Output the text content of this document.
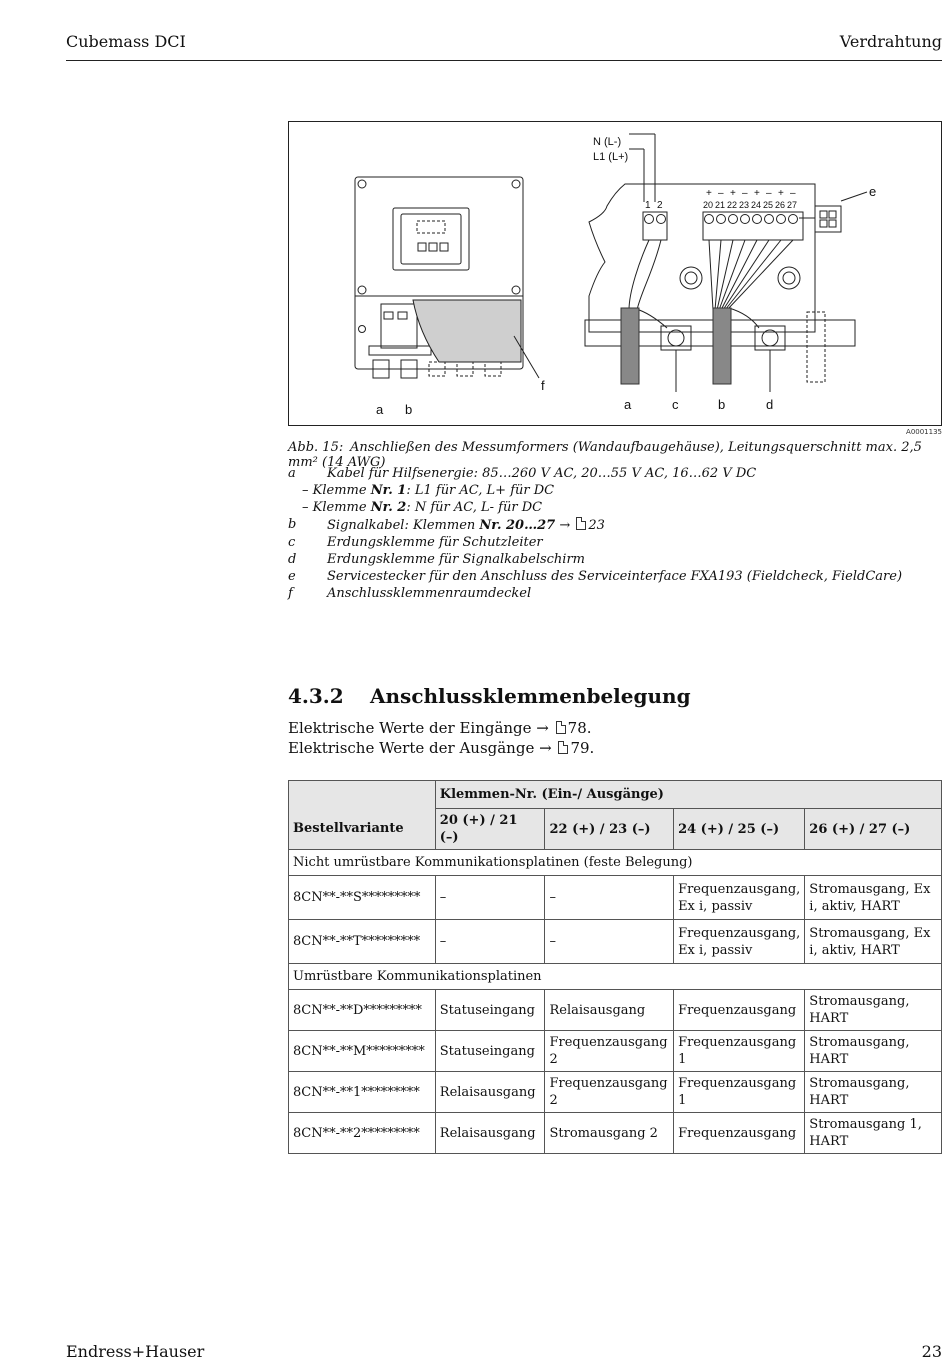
Cubemass DCI	Verdrahtung
f
a b
N (L-)
L1 (L+)
1 2
+ – + – + – + –
20 21 22 23 24 25 26 27
e
a	c	b	d
A0001135
Abb. 15: Anschließen des Messumformers (Wandaufbaugehäuse), Leitungsquerschnitt max. 2,5 mm² (14 AWG)
a Kabel für Hilfsenergie: 85…260 V AC, 20…55 V AC, 16…62 V DC
– Klemme Nr. 1: L1 für AC, L+ für DC
– Klemme Nr. 2: N für AC, L- für DC
b Signalkabel: Klemmen Nr. 20…27 → 23
c Erdungsklemme für Schutzleiter
d Erdungsklemme für Signalkabelschirm
e Servicestecker für den Anschluss des Serviceinterface FXA193 (Fieldcheck, FieldCare)
f	Anschlussklemmenraumdeckel
4.3.2 Anschlussklemmenbelegung
Elektrische Werte der Eingänge → 78.
Elektrische Werte der Ausgänge → 79.
	Klemmen-Nr. (Ein-/ Ausgänge)			
Bestellvariante	20 (+) / 21 (–)	22 (+) / 23 (–)	24 (+) / 25 (–)	26 (+) / 27 (–)
Nicht umrüstbare Kommunikationsplatinen (feste Belegung)				
8CN**-**S*********	–	–	Frequenzausgang, Ex i, passiv	Stromausgang, Ex i, aktiv, HART
8CN**-**T*********	–	–	Frequenzausgang, Ex i, passiv	Stromausgang, Ex i, aktiv, HART
Umrüstbare Kommunikationsplatinen				
8CN**-**D*********	Statuseingang	Relaisausgang	Frequenzausgang	Stromausgang, HART
8CN**-**M*********	Statuseingang	Frequenzausgang 2	Frequenzausgang 1	Stromausgang, HART
8CN**-**1*********	Relaisausgang	Frequenzausgang 2	Frequenzausgang 1	Stromausgang, HART
8CN**-**2*********	Relaisausgang	Stromausgang 2	Frequenzausgang	Stromausgang 1, HART
Endress+Hauser	23
